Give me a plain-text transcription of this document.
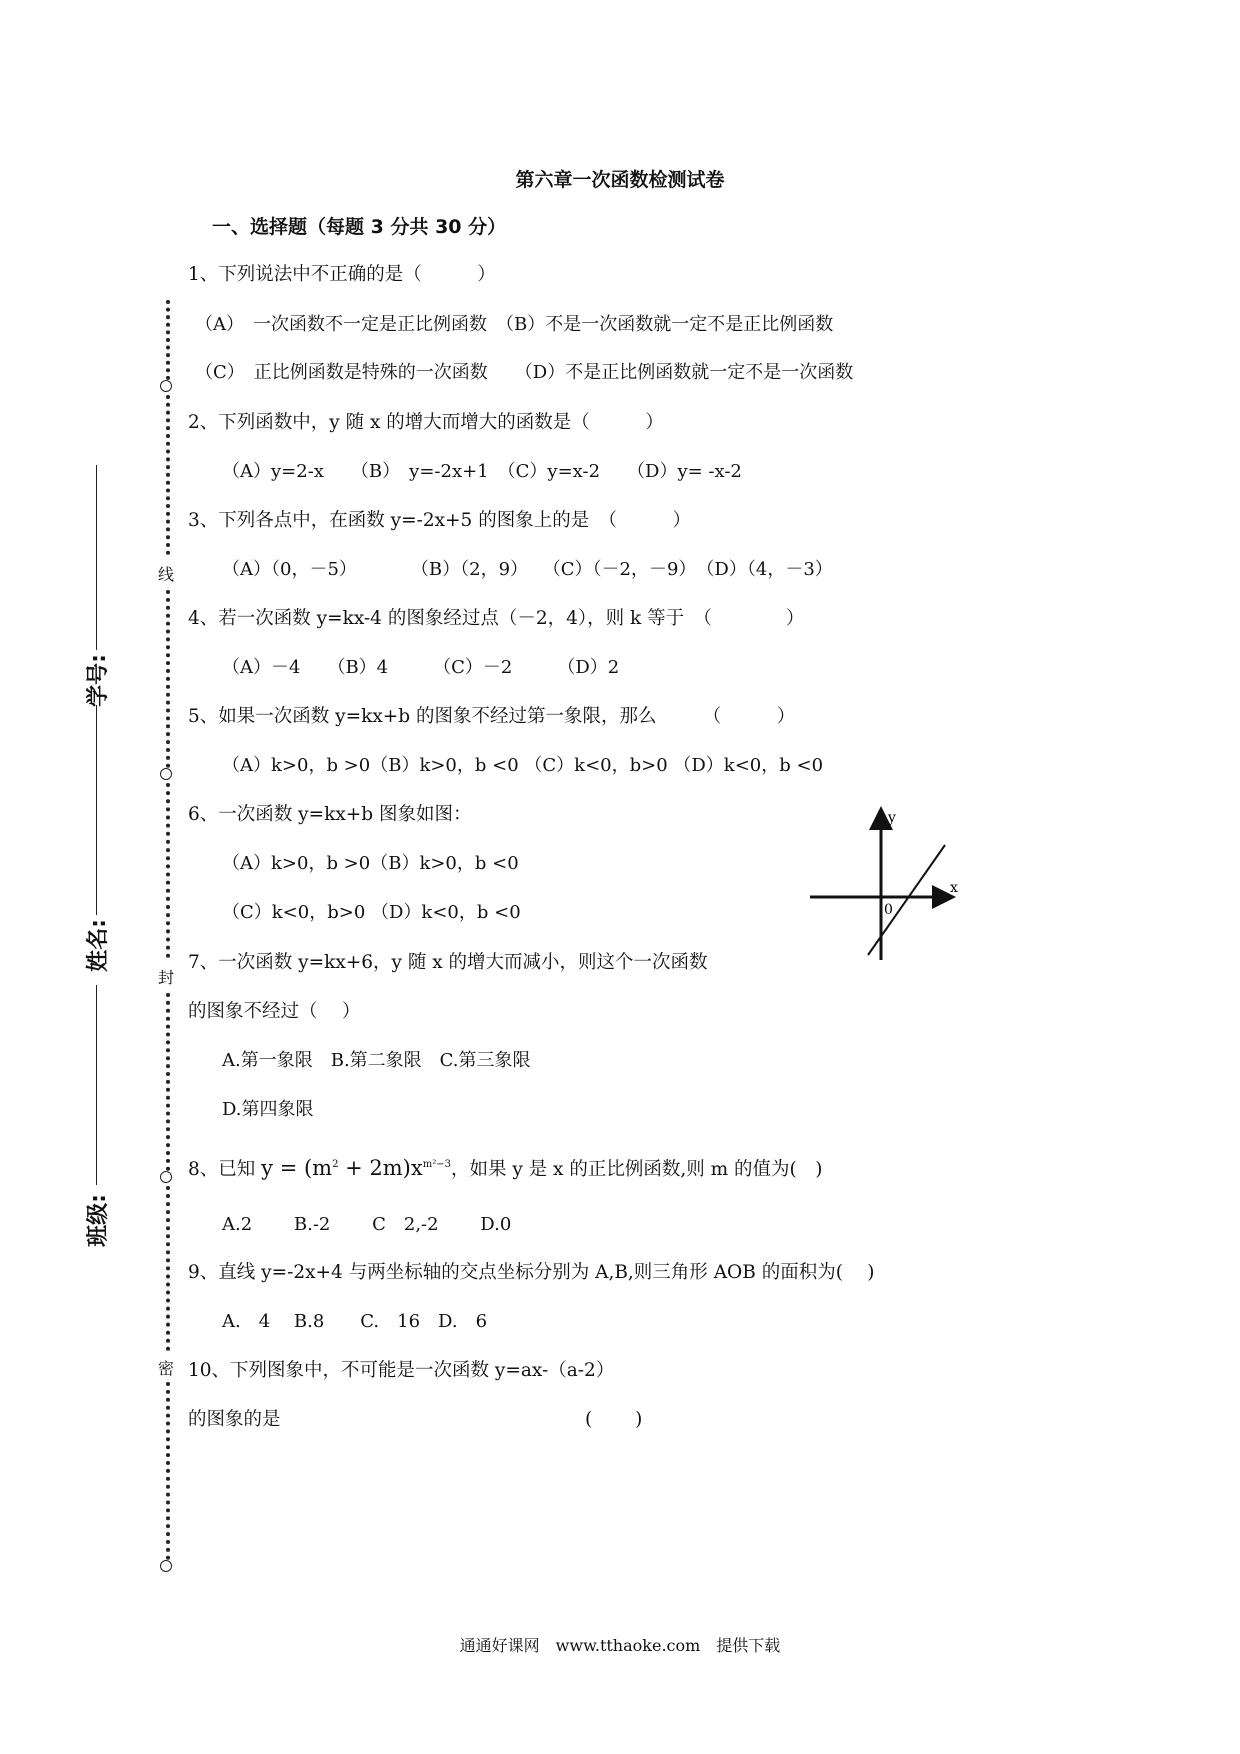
第六章一次函数检测试卷
一、选择题（每题 3 分共 30 分）
线
封
密
学号:
姓名:
班级:
1、下列说法中不正确的是（　　　）
（A）　一次函数不一定是正比例函数　（B）不是一次函数就一定不是正比例函数
（C）　正比例函数是特殊的一次函数　　（D）不是正比例函数就一定不是一次函数
2、下列函数中，y 随 x 的增大而增大的函数是（　　　）
（A）y=2-x　　（B）　y=-2x+1　（C）y=x-2　　（D）y= -x-2
3、下列各点中，在函数 y=-2x+5 的图象上的是　（　　　）
（A）（0，－5）　　　　（B）（2，9）　 （C）（－2，－9）　（D）（4，－3）
4、若一次函数 y=kx-4 的图象经过点（－2，4），则 k 等于　（　　　　）
（A）－4　　（B）4　　　（C）－2　　　（D）2
5、如果一次函数 y=kx+b 的图象不经过第一象限，那么　　　（　　　）
（A）k>0，b >0（B）k>0，b <0 （C）k<0，b>0 （D）k<0，b <0
6、一次函数 y=kx+b 图象如图：
（A）k>0，b >0（B）k>0，b <0
（C）k<0，b>0 （D）k<0，b <0
y
x
0
7、一次函数 y=kx+6，y 随 x 的增大而减小，则这个一次函数
的图象不经过（　 ）
A.第一象限　B.第二象限　C.第三象限
D.第四象限
8、已知 $y = (m^2 + 2m)x^{m^2-3}$，如果 y 是 x 的正比例函数,则 m 的值为(　)
A.2　　 B.-2　　 C　2,-2　　 D.0
9、直线 y=-2x+4 与两坐标轴的交点坐标分别为 A,B,则三角形 AOB 的面积为(　 )
A.　4　 B.8　　C.　16　D.　6
10、下列图象中，不可能是一次函数 y=ax-（a-2）
的图象的是	(　　 )
通通好课网　www.tthaoke.com　提供下载
